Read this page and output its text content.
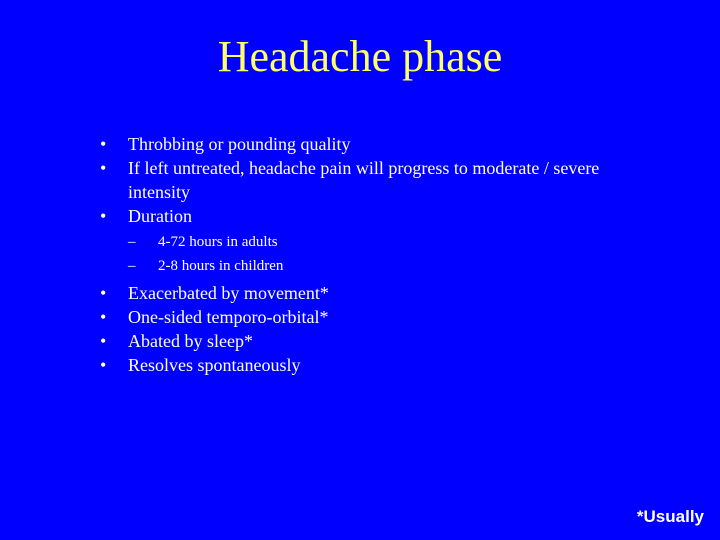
Headache phase
• Throbbing or pounding quality
• If left untreated, headache pain will progress to moderate / severe intensity
• Duration
– 4-72 hours in adults
– 2-8 hours in children
• Exacerbated by movement*
• One-sided temporo-orbital*
• Abated by sleep*
• Resolves spontaneously
*Usually
